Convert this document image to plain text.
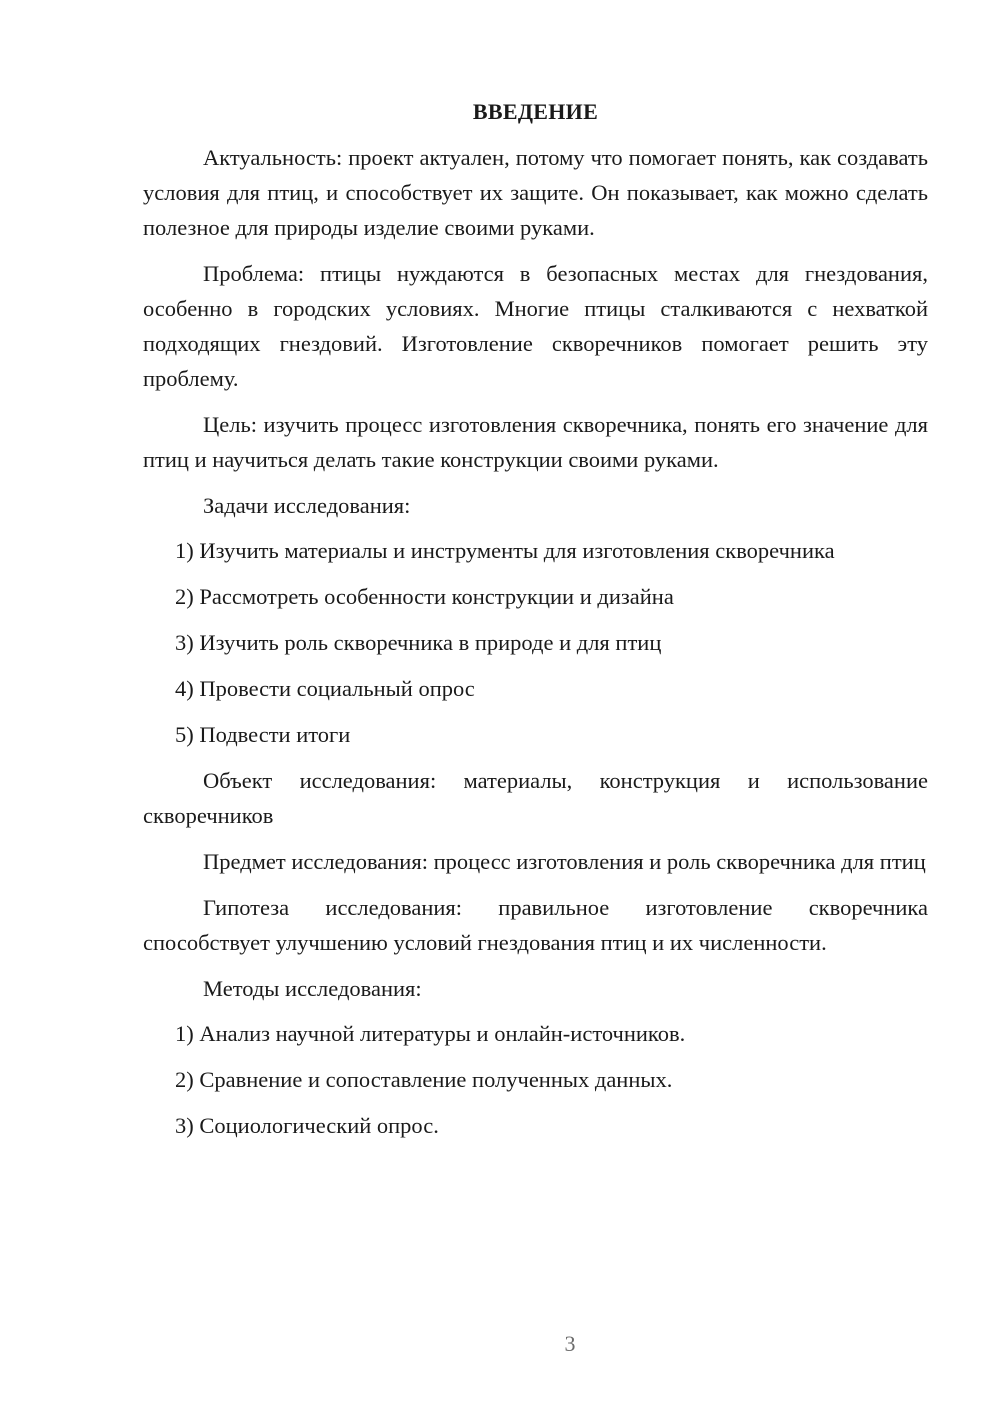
ВВЕДЕНИЕ

Актуальность: проект актуален, потому что помогает понять, как создавать условия для птиц, и способствует их защите. Он показывает, как можно сделать полезное для природы изделие своими руками.

Проблема: птицы нуждаются в безопасных местах для гнездования, особенно в городских условиях. Многие птицы сталкиваются с нехваткой подходящих гнездовий. Изготовление скворечников помогает решить эту проблему.

Цель: изучить процесс изготовления скворечника, понять его значение для птиц и научиться делать такие конструкции своими руками.

Задачи исследования:

1) Изучить материалы и инструменты для изготовления скворечника
2) Рассмотреть особенности конструкции и дизайна
3) Изучить роль скворечника в природе и для птиц
4) Провести социальный опрос
5) Подвести итоги

Объект исследования: материалы, конструкция и использование скворечников

Предмет исследования: процесс изготовления и роль скворечника для птиц

Гипотеза исследования: правильное изготовление скворечника способствует улучшению условий гнездования птиц и их численности.

Методы исследования:

1) Анализ научной литературы и онлайн-источников.
2) Сравнение и сопоставление полученных данных.
3) Социологический опрос.
3
